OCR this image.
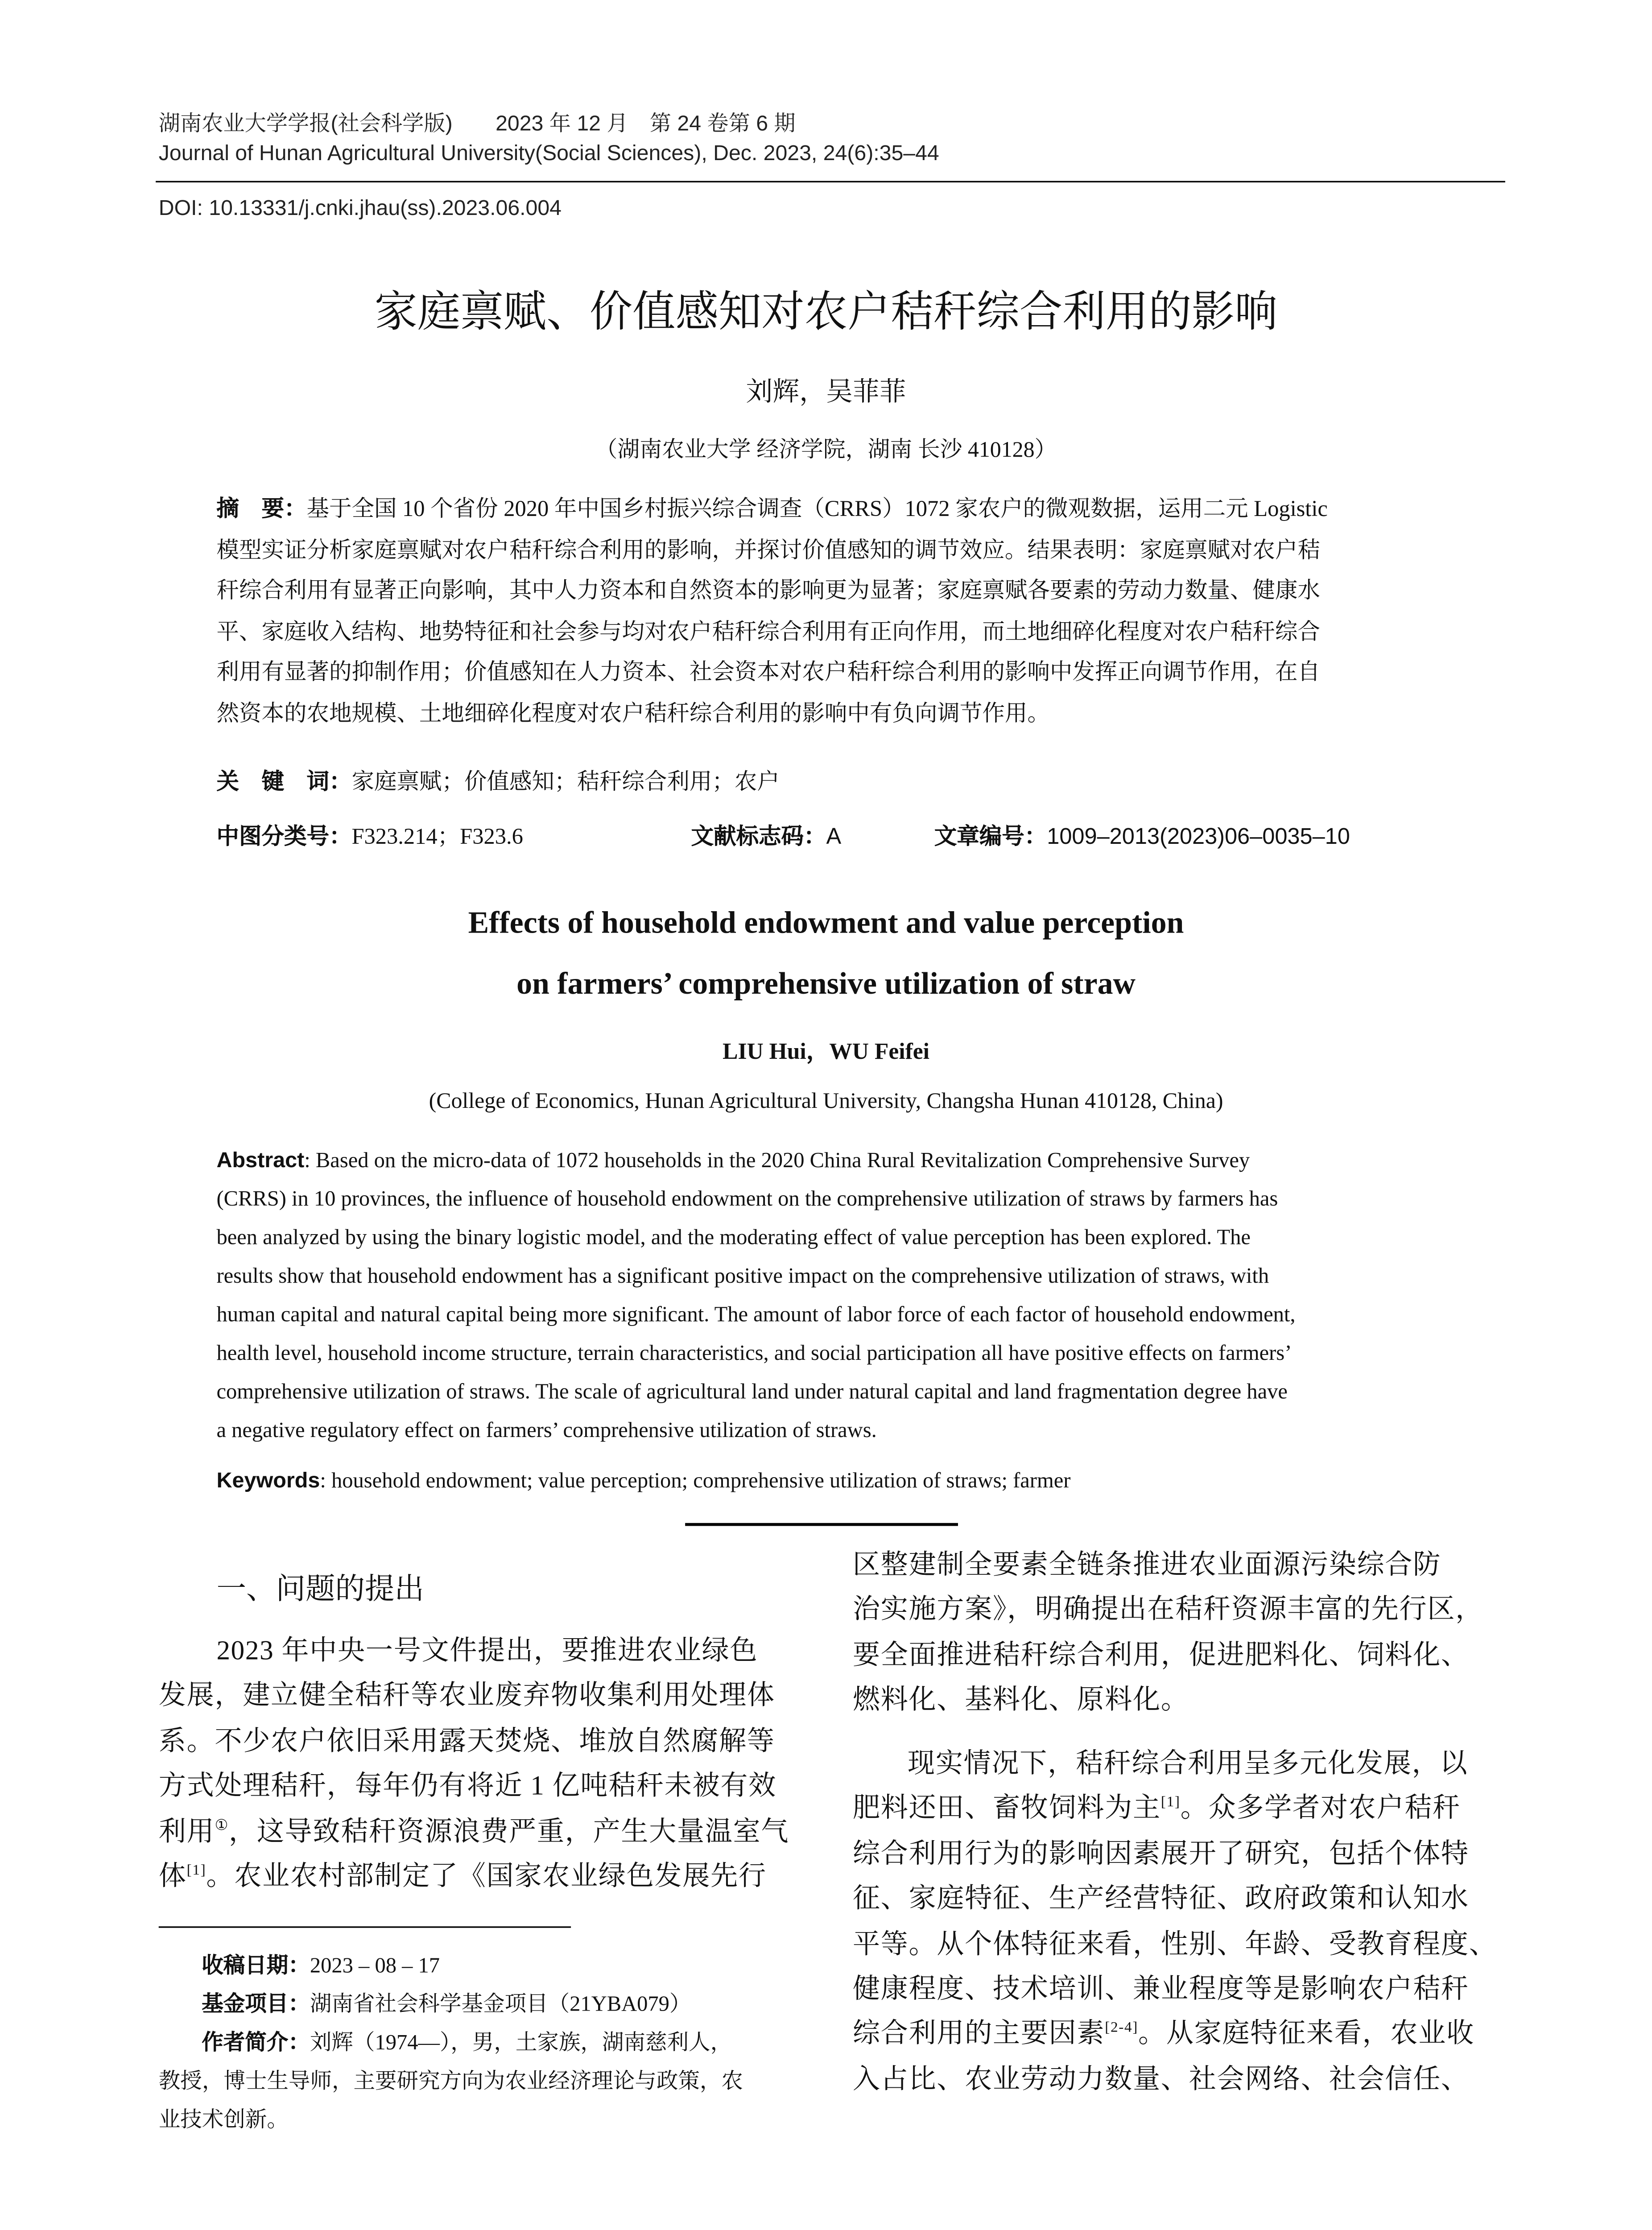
湖南农业大学学报(社会科学版)　　2023 年 12 月　第 24 卷第 6 期
Journal of Hunan Agricultural University(Social Sciences), Dec. 2023, 24(6):35–44
DOI: 10.13331/j.cnki.jhau(ss).2023.06.004
家庭禀赋、价值感知对农户秸秆综合利用的影响
刘辉，吴菲菲
（湖南农业大学 经济学院，湖南 长沙 410128）
摘　要：基于全国 10 个省份 2020 年中国乡村振兴综合调查（CRRS）1072 家农户的微观数据，运用二元 Logistic
模型实证分析家庭禀赋对农户秸秆综合利用的影响，并探讨价值感知的调节效应。结果表明：家庭禀赋对农户秸
秆综合利用有显著正向影响，其中人力资本和自然资本的影响更为显著；家庭禀赋各要素的劳动力数量、健康水
平、家庭收入结构、地势特征和社会参与均对农户秸秆综合利用有正向作用，而土地细碎化程度对农户秸秆综合
利用有显著的抑制作用；价值感知在人力资本、社会资本对农户秸秆综合利用的影响中发挥正向调节作用，在自
然资本的农地规模、土地细碎化程度对农户秸秆综合利用的影响中有负向调节作用。
关　键　词：家庭禀赋；价值感知；秸秆综合利用；农户
中图分类号：F323.214；F323.6	文献标志码：A	文章编号：1009–2013(2023)06–0035–10
Effects of household endowment and value perception
on farmers’ comprehensive utilization of straw
LIU Hui，WU Feifei
(College of Economics, Hunan Agricultural University, Changsha Hunan 410128, China)
Abstract: Based on the micro-data of 1072 households in the 2020 China Rural Revitalization Comprehensive Survey
(CRRS) in 10 provinces, the influence of household endowment on the comprehensive utilization of straws by farmers has
been analyzed by using the binary logistic model, and the moderating effect of value perception has been explored. The
results show that household endowment has a significant positive impact on the comprehensive utilization of straws, with
human capital and natural capital being more significant. The amount of labor force of each factor of household endowment,
health level, household income structure, terrain characteristics, and social participation all have positive effects on farmers’
comprehensive utilization of straws. The scale of agricultural land under natural capital and land fragmentation degree have
a negative regulatory effect on farmers’ comprehensive utilization of straws.
Keywords: household endowment; value perception; comprehensive utilization of straws; farmer
一、问题的提出
2023 年中央一号文件提出，要推进农业绿色
发展，建立健全秸秆等农业废弃物收集利用处理体
系。不少农户依旧采用露天焚烧、堆放自然腐解等
方式处理秸秆，每年仍有将近 1 亿吨秸秆未被有效
利用①，这导致秸秆资源浪费严重，产生大量温室气
体[1]。农业农村部制定了《国家农业绿色发展先行
收稿日期：2023 – 08 – 17
基金项目：湖南省社会科学基金项目（21YBA079）
作者简介：刘辉（1974—），男，土家族，湖南慈利人，
教授，博士生导师，主要研究方向为农业经济理论与政策，农
业技术创新。
区整建制全要素全链条推进农业面源污染综合防
治实施方案》，明确提出在秸秆资源丰富的先行区，
要全面推进秸秆综合利用，促进肥料化、饲料化、
燃料化、基料化、原料化。
现实情况下，秸秆综合利用呈多元化发展，以
肥料还田、畜牧饲料为主[1]。众多学者对农户秸秆
综合利用行为的影响因素展开了研究，包括个体特
征、家庭特征、生产经营特征、政府政策和认知水
平等。从个体特征来看，性别、年龄、受教育程度、
健康程度、技术培训、兼业程度等是影响农户秸秆
综合利用的主要因素[2-4]。从家庭特征来看，农业收
入占比、农业劳动力数量、社会网络、社会信任、
